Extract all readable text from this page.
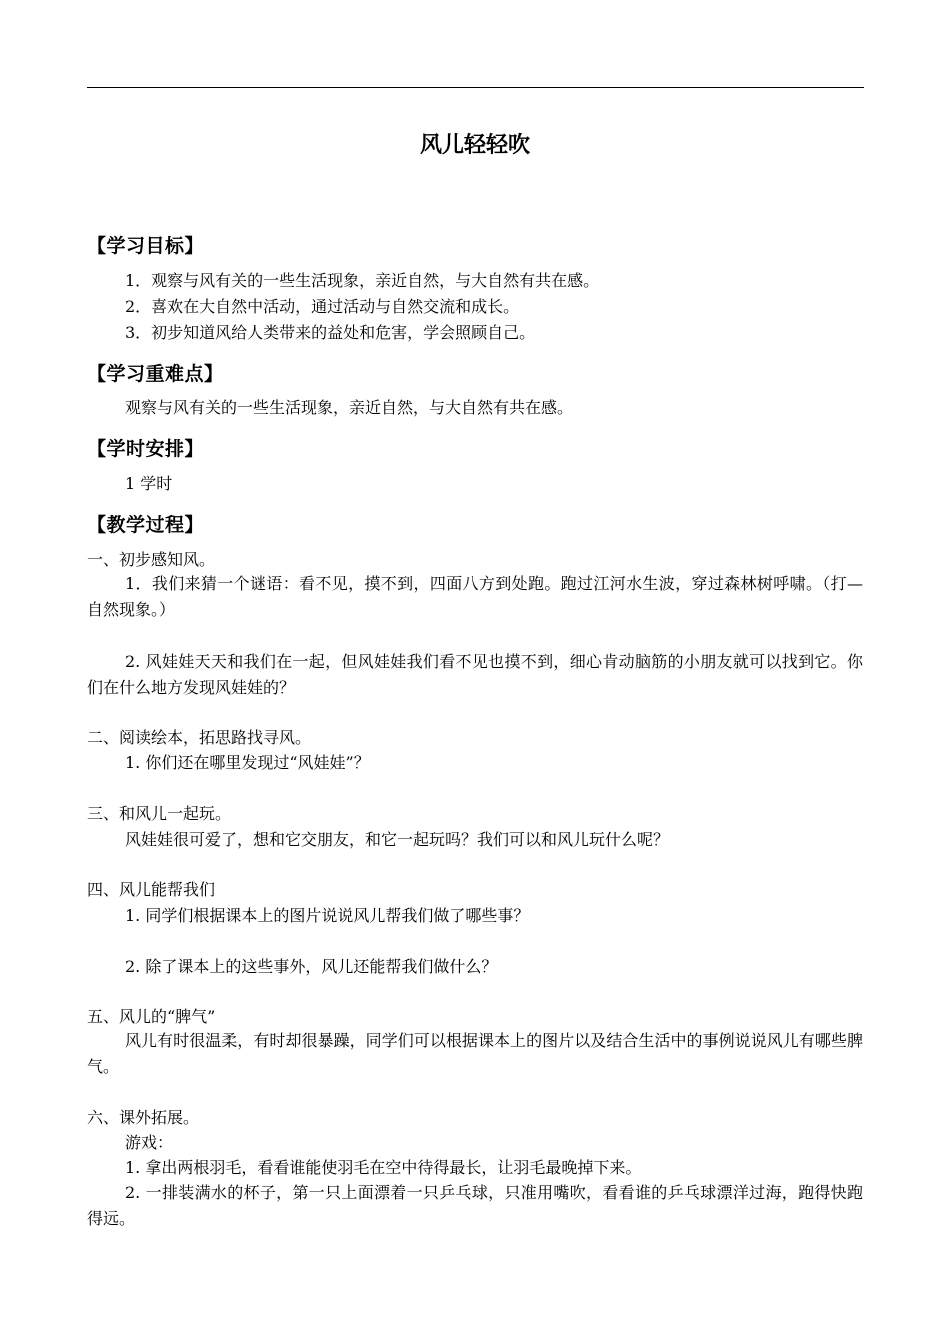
风儿轻轻吹
【学习目标】
1．观察与风有关的一些生活现象，亲近自然，与大自然有共在感。
2．喜欢在大自然中活动，通过活动与自然交流和成长。
3．初步知道风给人类带来的益处和危害，学会照顾自己。
【学习重难点】
观察与风有关的一些生活现象，亲近自然，与大自然有共在感。
【学时安排】
1 学时
【教学过程】
一、初步感知风。
1．我们来猜一个谜语：看不见，摸不到，四面八方到处跑。跑过江河水生波，穿过森林树呼啸。（打—自然现象。）
2. 风娃娃天天和我们在一起，但风娃娃我们看不见也摸不到，细心肯动脑筋的小朋友就可以找到它。你们在什么地方发现风娃娃的？
二、阅读绘本，拓思路找寻风。
1. 你们还在哪里发现过“风娃娃”？
三、和风儿一起玩。
风娃娃很可爱了，想和它交朋友，和它一起玩吗？我们可以和风儿玩什么呢？
四、风儿能帮我们
1. 同学们根据课本上的图片说说风儿帮我们做了哪些事？
2. 除了课本上的这些事外，风儿还能帮我们做什么？
五、风儿的“脾气”
风儿有时很温柔，有时却很暴躁，同学们可以根据课本上的图片以及结合生活中的事例说说风儿有哪些脾气。
六、课外拓展。
游戏：
1. 拿出两根羽毛，看看谁能使羽毛在空中待得最长，让羽毛最晚掉下来。
2. 一排装满水的杯子，第一只上面漂着一只乒乓球，只准用嘴吹，看看谁的乒乓球漂洋过海，跑得快跑得远。
